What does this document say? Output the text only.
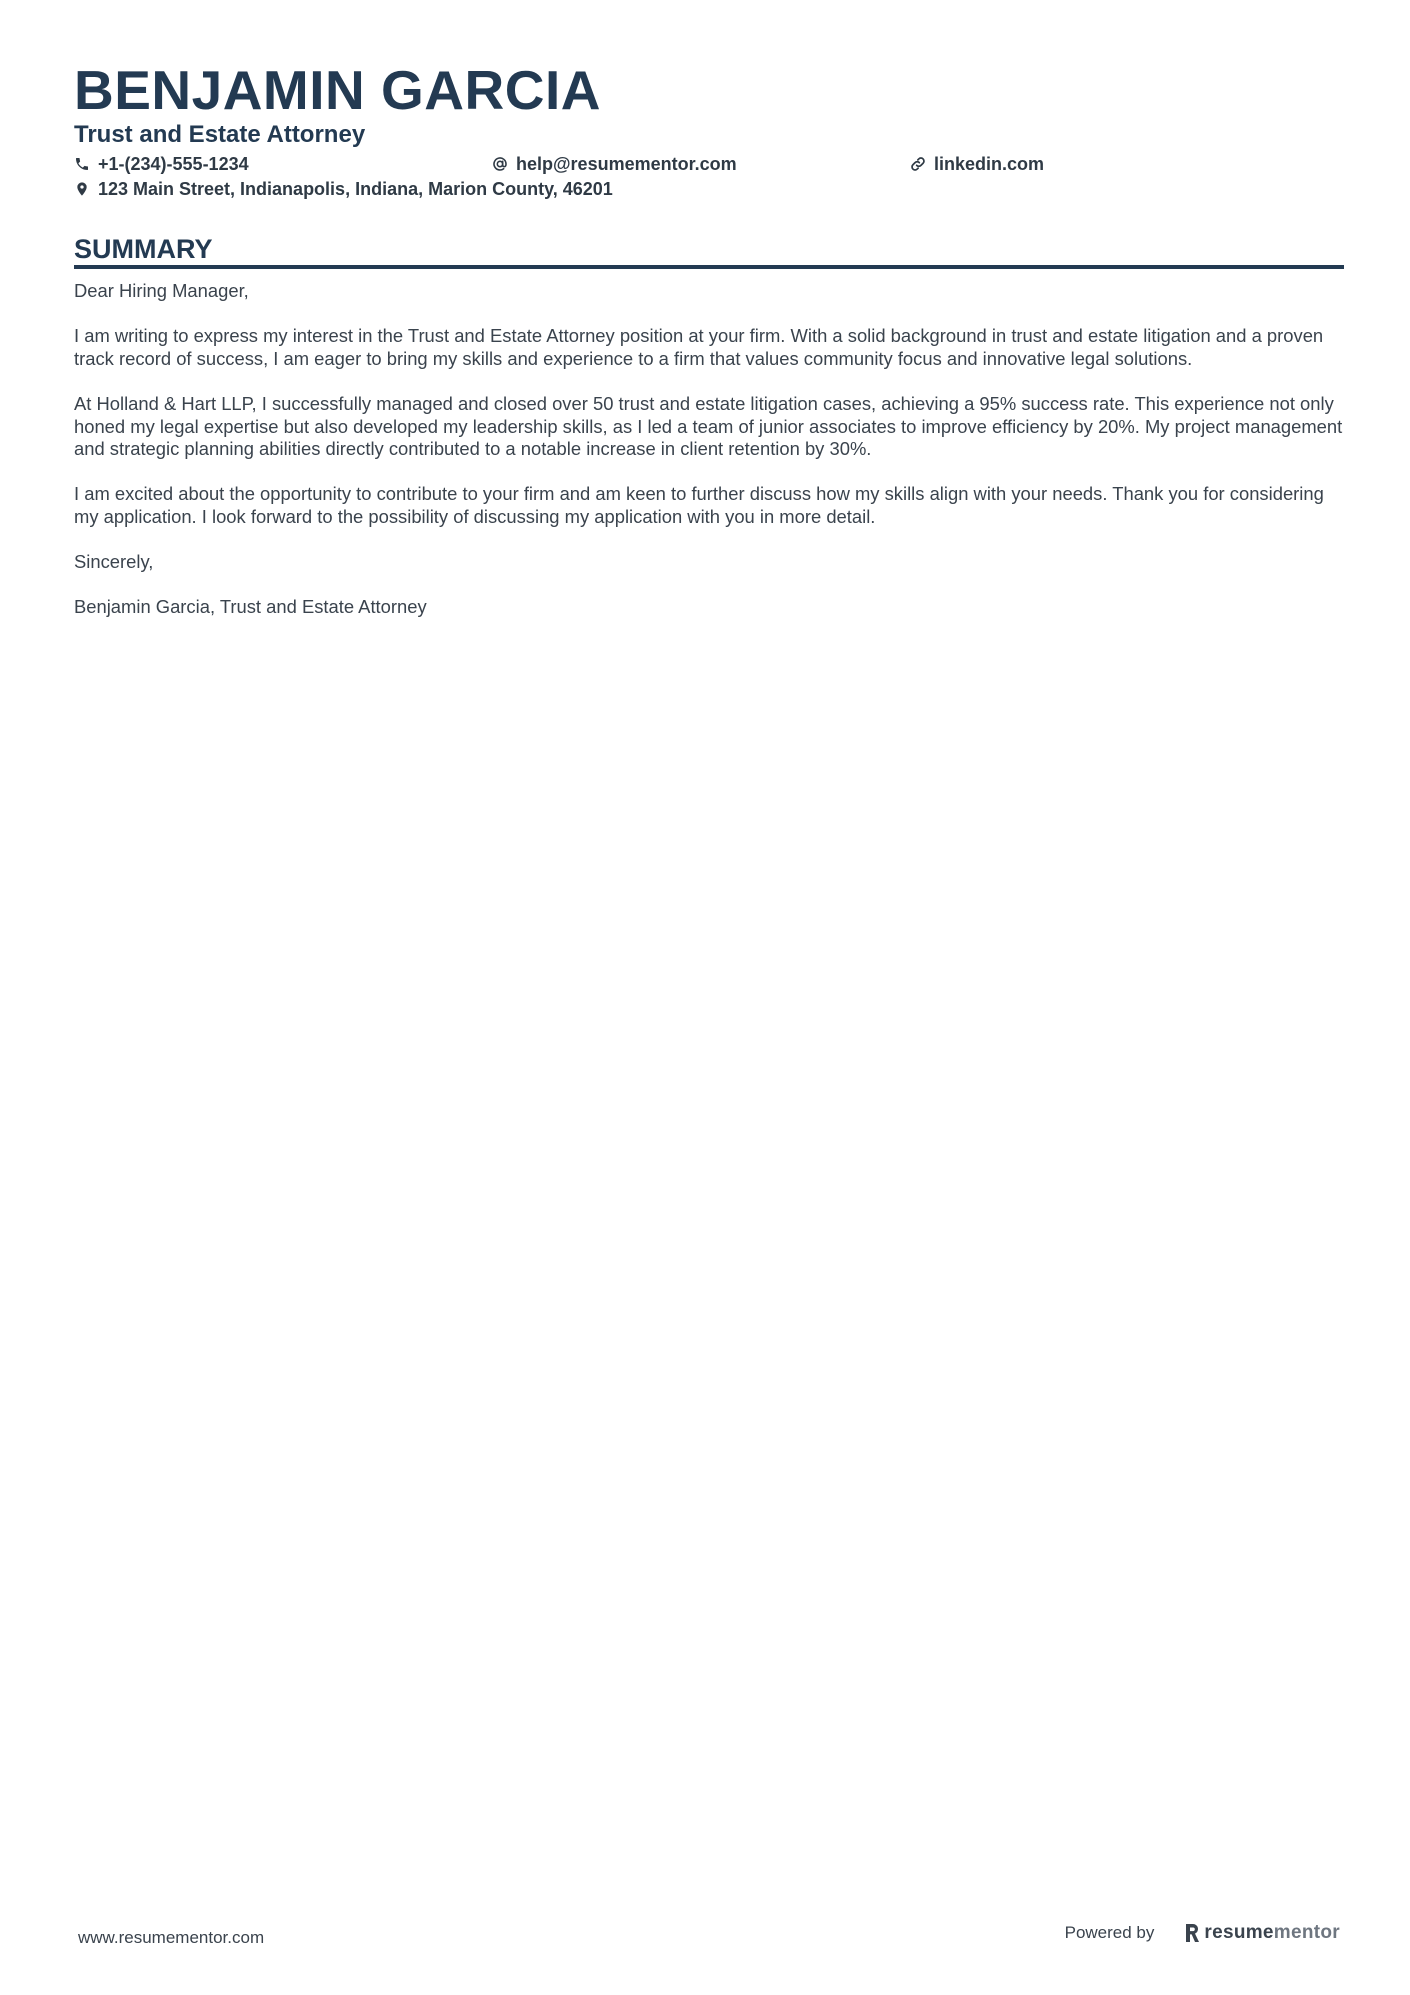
BENJAMIN GARCIA
Trust and Estate Attorney
+1-(234)-555-1234	help@resumementor.com	linkedin.com
123 Main Street, Indianapolis, Indiana, Marion County, 46201
SUMMARY

Dear Hiring Manager,

I am writing to express my interest in the Trust and Estate Attorney position at your firm. With a solid background in trust and estate litigation and a proven track record of success, I am eager to bring my skills and experience to a firm that values community focus and innovative legal solutions.

At Holland & Hart LLP, I successfully managed and closed over 50 trust and estate litigation cases, achieving a 95% success rate. This experience not only honed my legal expertise but also developed my leadership skills, as I led a team of junior associates to improve efficiency by 20%. My project management and strategic planning abilities directly contributed to a notable increase in client retention by 30%.

I am excited about the opportunity to contribute to your firm and am keen to further discuss how my skills align with your needs. Thank you for considering my application. I look forward to the possibility of discussing my application with you in more detail.

Sincerely,

Benjamin Garcia, Trust and Estate Attorney

www.resumementor.com	Powered by	resumementor
